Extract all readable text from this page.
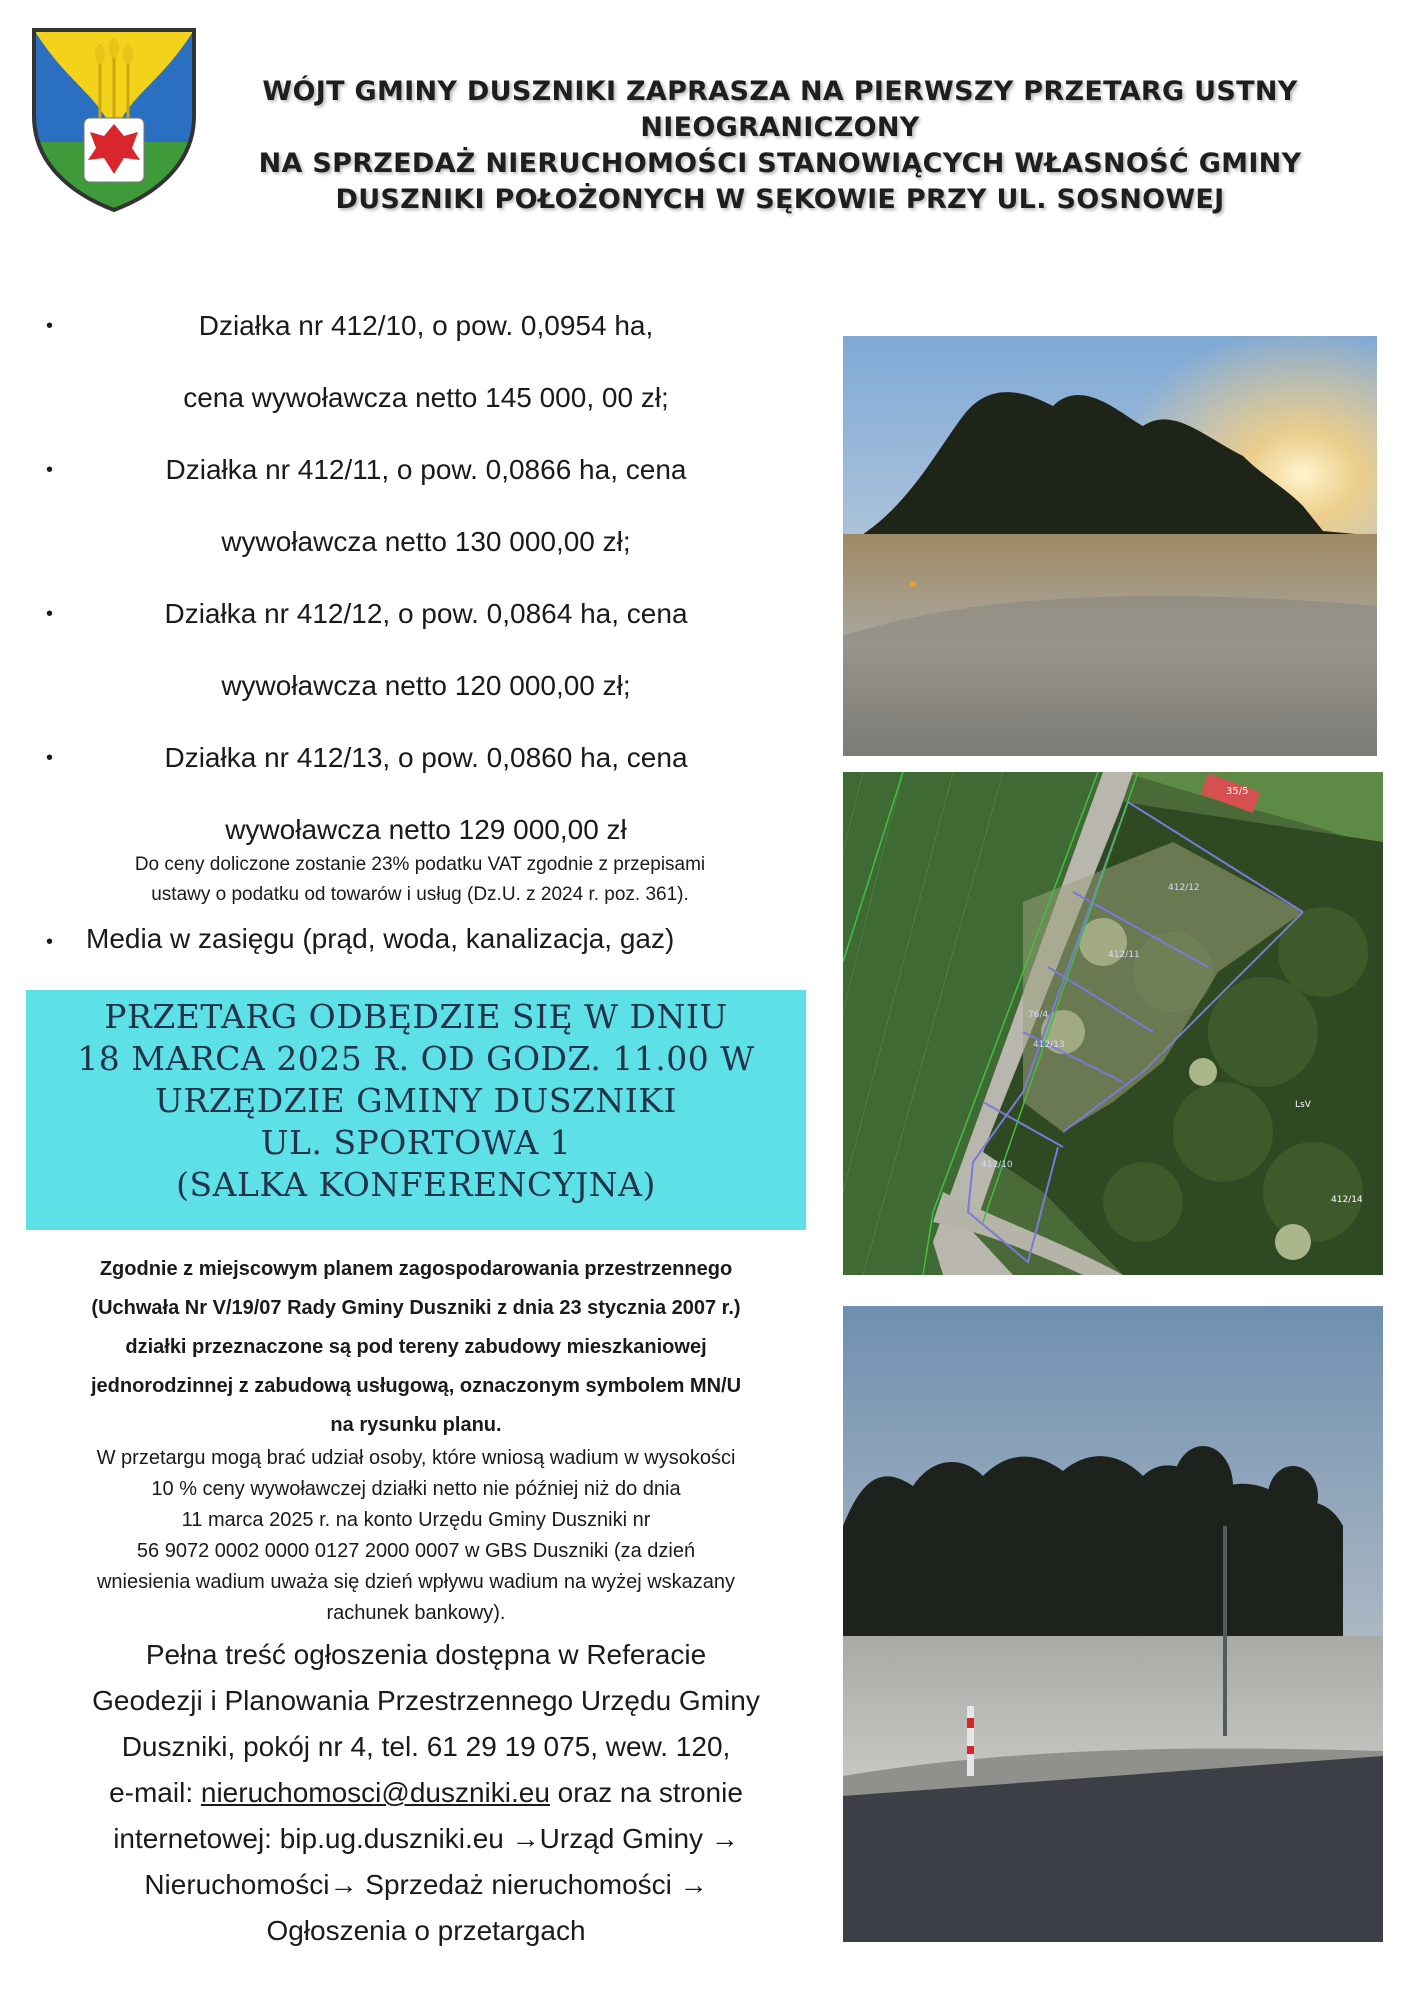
WÓJT GMINY DUSZNIKI ZAPRASZA NA PIERWSZY PRZETARG USTNY
NIEOGRANICZONY
NA SPRZEDAŻ NIERUCHOMOŚCI STANOWIĄCYCH WŁASNOŚĆ GMINY
DUSZNIKI POŁOŻONYCH W SĘKOWIE PRZY UL. SOSNOWEJ
•	Działka nr 412/10, o pow. 0,0954 ha,
cena wywoławcza netto 145 000, 00 zł;
•	Działka nr 412/11, o pow. 0,0866 ha, cena
wywoławcza netto 130 000,00 zł;
•	Działka nr 412/12, o pow. 0,0864 ha, cena
wywoławcza netto 120 000,00 zł;
•	Działka nr 412/13, o pow. 0,0860 ha, cena
wywoławcza netto 129 000,00 zł
Do ceny doliczone zostanie 23% podatku VAT zgodnie z przepisami
ustawy o podatku od towarów i usług (Dz.U. z 2024 r. poz. 361).
• Media w zasięgu (prąd, woda, kanalizacja, gaz)
PRZETARG ODBĘDZIE SIĘ W DNIU
18 MARCA 2025 R. OD GODZ. 11.00 W
URZĘDZIE GMINY DUSZNIKI
UL. SPORTOWA 1
(SALKA KONFERENCYJNA)
Zgodnie z miejscowym planem zagospodarowania przestrzennego
(Uchwała Nr V/19/07 Rady Gminy Duszniki z dnia 23 stycznia 2007 r.)
działki przeznaczone są pod tereny zabudowy mieszkaniowej
jednorodzinnej z zabudową usługową, oznaczonym symbolem MN/U
na rysunku planu.
W przetargu mogą brać udział osoby, które wniosą wadium w wysokości
10 % ceny wywoławczej działki netto nie później niż do dnia
11 marca 2025 r. na konto Urzędu Gminy Duszniki nr
56 9072 0002 0000 0127 2000 0007 w GBS Duszniki (za dzień
wniesienia wadium uważa się dzień wpływu wadium na wyżej wskazany
rachunek bankowy).
Pełna treść ogłoszenia dostępna w Referacie
Geodezji i Planowania Przestrzennego Urzędu Gminy
Duszniki, pokój nr 4, tel. 61 29 19 075, wew. 120,
e-mail: nieruchomosci@duszniki.eu oraz na stronie
internetowej: bip.ug.duszniki.eu →Urząd Gminy →
Nieruchomości→ Sprzedaż nieruchomości →
Ogłoszenia o przetargach
35/5
412/12
412/11
76/4
412/13
412/10
LsV
412/14
